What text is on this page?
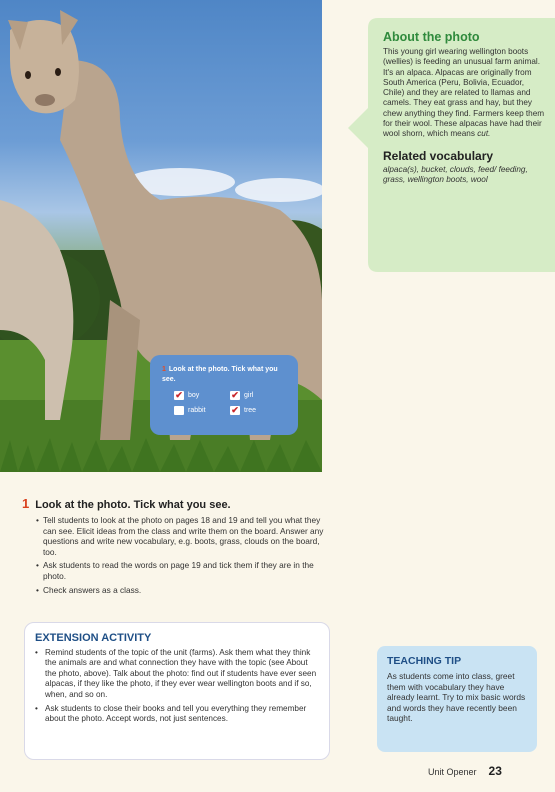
1 Look at the photo. Tick what you see.
✔ boy	✔ girl
rabbit	✔ tree
About the photo

This young girl wearing wellington boots (wellies) is feeding an unusual farm animal. It's an alpaca. Alpacas are originally from South America (Peru, Bolivia, Ecuador, Chile) and they are related to llamas and camels. They eat grass and hay, but they chew anything they find. Farmers keep them for their wool. These alpacas have had their wool shorn, which means cut.

Related vocabulary

alpaca(s), bucket, clouds, feed/ feeding, grass, wellington boots, wool

1 Look at the photo. Tick what you see.
• Tell students to look at the photo on pages 18 and 19 and tell you what they can see. Elicit ideas from the class and write them on the board. Answer any questions and write new vocabulary, e.g. boots, grass, clouds on the board, too.
• Ask students to read the words on page 19 and tick them if they are in the photo.
• Check answers as a class.
EXTENSION ACTIVITY
• Remind students of the topic of the unit (farms). Ask them what they think the animals are and what connection they have with the topic (see About the photo, above). Talk about the photo: find out if students have ever seen alpacas, if they like the photo, if they ever wear wellington boots and if so, when, and so on.
• Ask students to close their books and tell you everything they remember about the photo. Accept words, not just sentences.
TEACHING TIP

As students come into class, greet them with vocabulary they have already learnt. Try to mix basic words and words they have recently been taught.

Unit Opener 23
